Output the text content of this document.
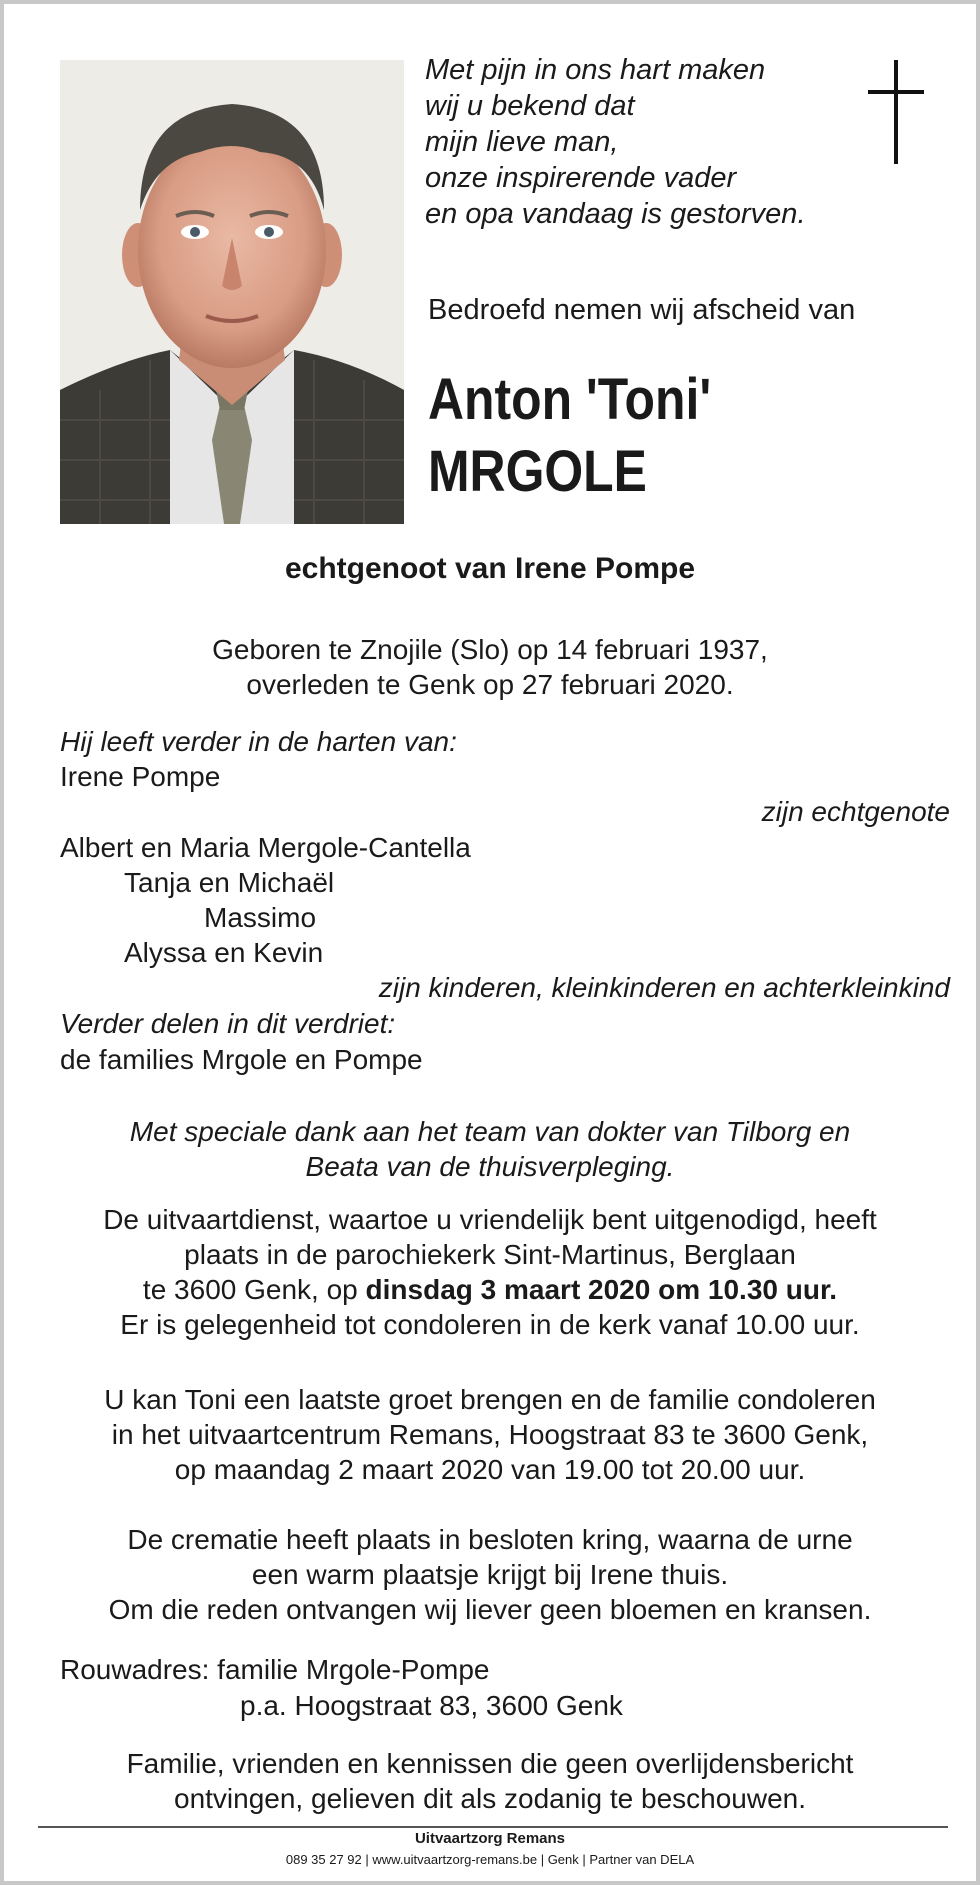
Met pijn in ons hart maken
wij u bekend dat
mijn lieve man,
onze inspirerende vader
en opa vandaag is gestorven.
Bedroefd nemen wij afscheid van
Anton 'Toni'
MRGOLE
echtgenoot van Irene Pompe
Geboren te Znojile (Slo) op 14 februari 1937,
overleden te Genk op 27 februari 2020.
Hij leeft verder in de harten van:
Irene Pompe
zijn echtgenote
Albert en Maria Mergole-Cantella
Tanja en Michaël
Massimo
Alyssa en Kevin
zijn kinderen, kleinkinderen en achterkleinkind
Verder delen in dit verdriet:
de families Mrgole en Pompe
Met speciale dank aan het team van dokter van Tilborg en
Beata van de thuisverpleging.
De uitvaartdienst, waartoe u vriendelijk bent uitgenodigd, heeft
plaats in de parochiekerk Sint-Martinus, Berglaan
te 3600 Genk, op dinsdag 3 maart 2020 om 10.30 uur.
Er is gelegenheid tot condoleren in de kerk vanaf 10.00 uur.
U kan Toni een laatste groet brengen en de familie condoleren
in het uitvaartcentrum Remans, Hoogstraat 83 te 3600 Genk,
op maandag 2 maart 2020 van 19.00 tot 20.00 uur.
De crematie heeft plaats in besloten kring, waarna de urne
een warm plaatsje krijgt bij Irene thuis.
Om die reden ontvangen wij liever geen bloemen en kransen.
Rouwadres: familie Mrgole-Pompe
p.a. Hoogstraat 83, 3600 Genk
Familie, vrienden en kennissen die geen overlijdensbericht
ontvingen, gelieven dit als zodanig te beschouwen.
Uitvaartzorg Remans
089 35 27 92 | www.uitvaartzorg-remans.be | Genk | Partner van DELA
